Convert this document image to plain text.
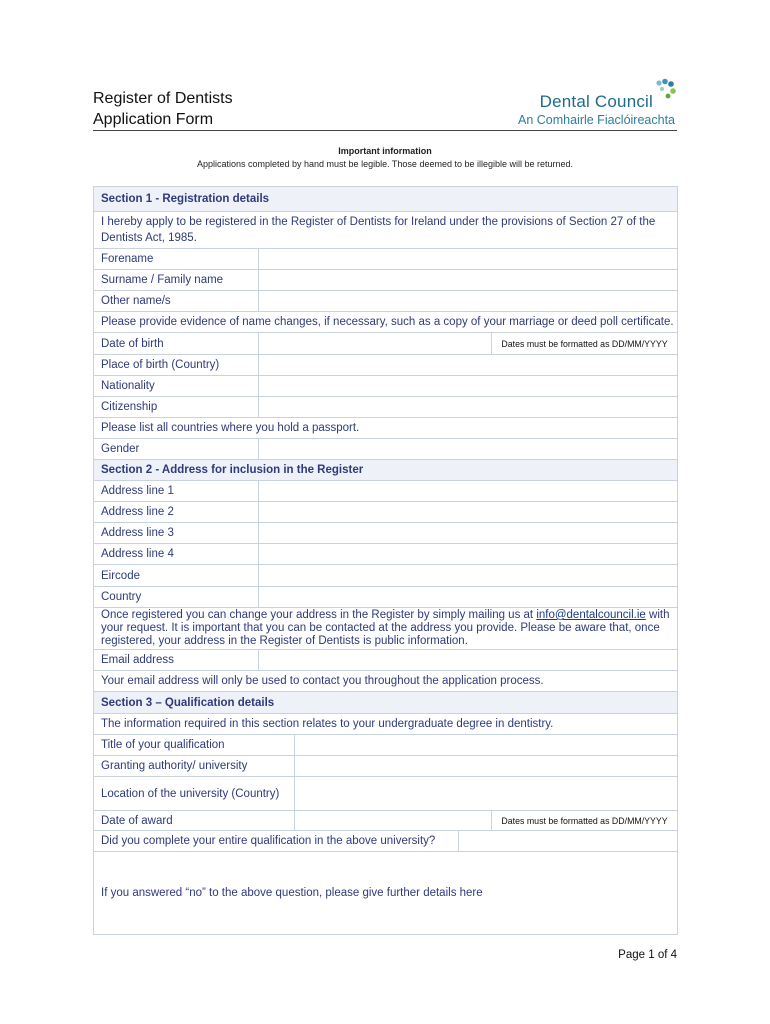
Register of Dentists
Application Form
Dental Council
An Comhairle Fiaclóireachta
Important information
Applications completed by hand must be legible. Those deemed to be illegible will be returned.
Section 1 - Registration details				
I hereby apply to be registered in the Register of Dentists for Ireland under the provisions of Section 27 of the Dentists Act, 1985.				
Forename				
Surname / Family name				
Other name/s				
Please provide evidence of name changes, if necessary, such as a copy of your marriage or deed poll certificate.				
Date of birth				Dates must be formatted as DD/MM/YYYY
Place of birth (Country)				
Nationality				
Citizenship				
Please list all countries where you hold a passport.				
Gender				
Section 2 - Address for inclusion in the Register				
Address line 1				
Address line 2				
Address line 3				
Address line 4				
Eircode				
Country				
Once registered you can change your address in the Register by simply mailing us at info@dentalcouncil.ie with your request. It is important that you can be contacted at the address you provide. Please be aware that, once registered, your address in the Register of Dentists is public information.				
Email address				
Your email address will only be used to contact you throughout the application process.				
Section 3 – Qualification details				
The information required in this section relates to your undergraduate degree in dentistry.				
Title of your qualification				
Granting authority/ university				
Location of the university (Country)				
Date of award				Dates must be formatted as DD/MM/YYYY
Did you complete your entire qualification in the above university?				
If you answered “no” to the above question, please give further details here				
Page 1 of 4
